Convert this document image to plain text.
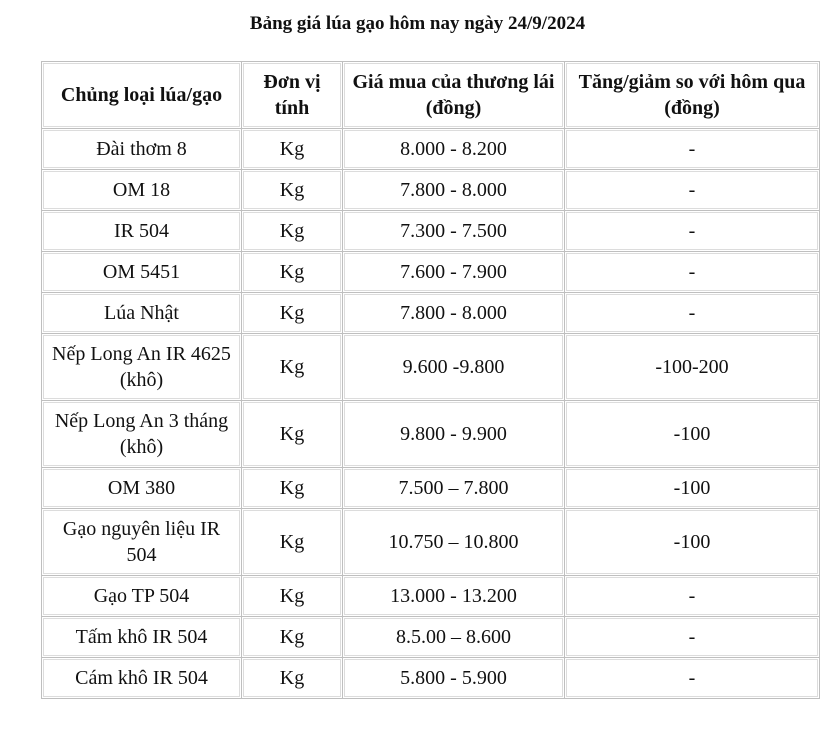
Bảng giá lúa gạo hôm nay ngày 24/9/2024
Chủng loại lúa/gạo	Đơn vị tính	Giá mua của thương lái (đồng)	Tăng/giảm so với hôm qua (đồng)
Đài thơm 8	Kg	8.000 - 8.200	-
OM 18	Kg	7.800 - 8.000	-
IR 504	Kg	7.300 - 7.500	-
OM 5451	Kg	7.600 - 7.900	-
Lúa Nhật	Kg	7.800 - 8.000	-
Nếp Long An IR 4625 (khô)	Kg	9.600 -9.800	-100-200
Nếp Long An 3 tháng (khô)	Kg	9.800 - 9.900	-100
OM 380	Kg	7.500 – 7.800	-100
Gạo nguyên liệu IR 504	Kg	10.750 – 10.800	-100
Gạo TP 504	Kg	13.000 - 13.200	-
Tấm khô IR 504	Kg	8.5.00 – 8.600	-
Cám khô IR 504	Kg	5.800 - 5.900	-
